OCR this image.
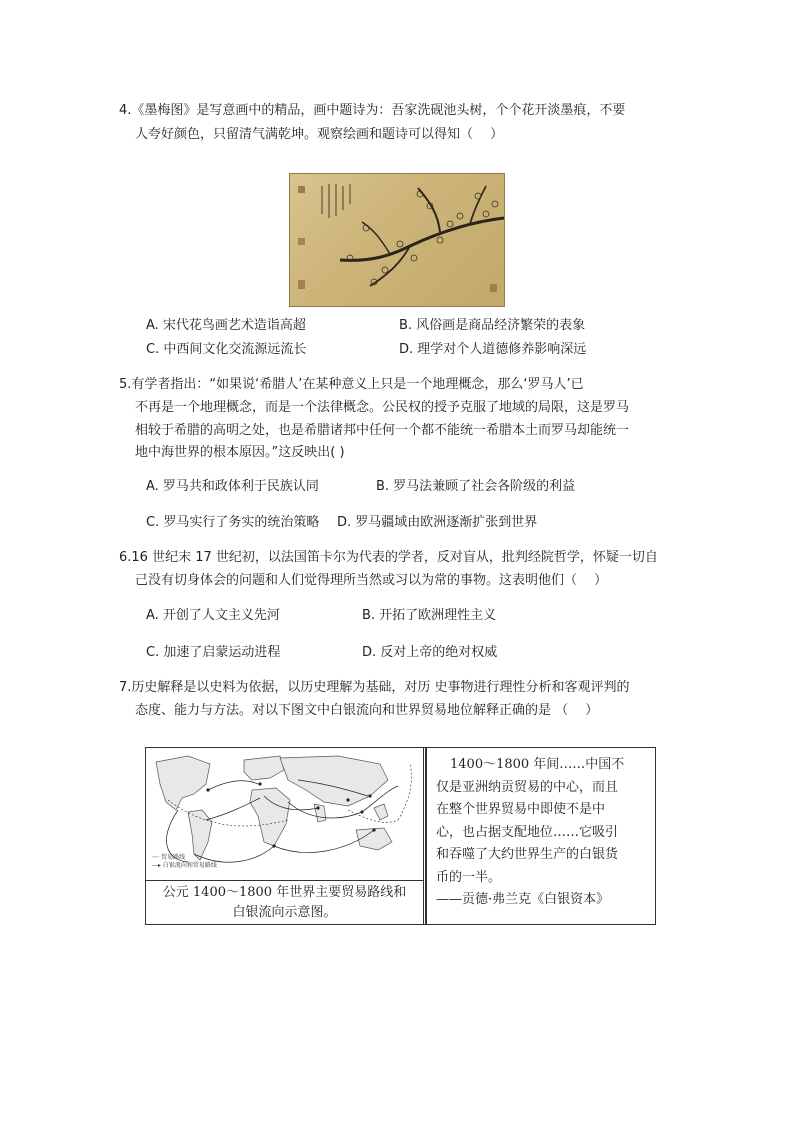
4.《墨梅图》是写意画中的精品，画中题诗为：吾家洗砚池头树，个个花开淡墨痕，不要
人夸好颜色，只留清气满乾坤。观察绘画和题诗可以得知（　 ）
A. 宋代花鸟画艺术造诣高超	B. 风俗画是商品经济繁荣的表象
C. 中西间文化交流源远流长	D. 理学对个人道德修养影响深远
5.有学者指出：“如果说‘希腊人’在某种意义上只是一个地理概念，那么‘罗马人’已
不再是一个地理概念，而是一个法律概念。公民权的授予克服了地域的局限，这是罗马
相较于希腊的高明之处，也是希腊诸邦中任何一个都不能统一希腊本土而罗马却能统一
地中海世界的根本原因。”这反映出( )
A. 罗马共和政体利于民族认同	B. 罗马法兼顾了社会各阶级的利益
C. 罗马实行了务实的统治策略 D. 罗马疆域由欧洲逐渐扩张到世界
6.16 世纪末 17 世纪初，以法国笛卡尔为代表的学者，反对盲从，批判经院哲学，怀疑一切自
己没有切身体会的问题和人们觉得理所当然或习以为常的事物。这表明他们（　 ）
A. 开创了人文主义先河	B. 开拓了欧洲理性主义
C. 加速了启蒙运动进程	D. 反对上帝的绝对权威
7.历史解释是以史料为依据，以历史理解为基础，对历 史事物进行理性分析和客观评判的
态度、能力与方法。对以下图文中白银流向和世界贸易地位解释正确的是 （　 ）
┈┈ 贸易路线
—▸ 白银流向和贸易路线
公元 1400～1800 年世界主要贸易路线和
白银流向示意图。
1400～1800 年间……中国不
仅是亚洲纳贡贸易的中心，而且
在整个世界贸易中即使不是中
心，也占据支配地位……它吸引
和吞噬了大约世界生产的白银货
币的一半。
——贡德·弗兰克《白银资本》
